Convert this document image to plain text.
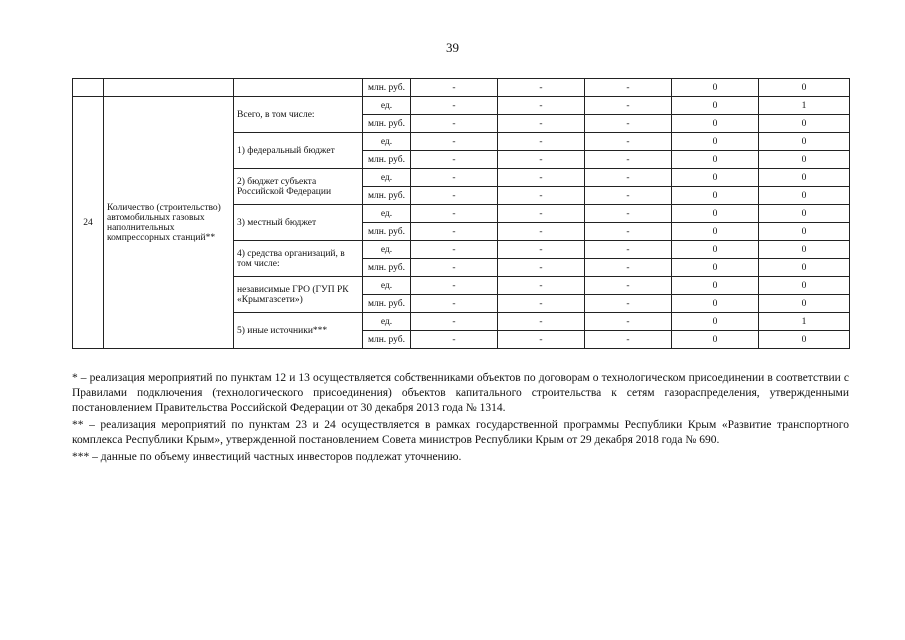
39
			млн. руб.	-	-	-	0	0
24	Количество (строительство) автомобильных газовых наполнительных компрессорных станций**	Всего, в том числе:	ед.	-	-	-	0	1
			млн. руб.	-	-	-	0	0
		1) федеральный бюджет	ед.	-	-	-	0	0
			млн. руб.	-	-	-	0	0
		2) бюджет субъекта Российской Федерации	ед.	-	-	-	0	0
			млн. руб.	-	-	-	0	0
		3) местный бюджет	ед.	-	-	-	0	0
			млн. руб.	-	-	-	0	0
		4) средства организаций, в том числе:	ед.	-	-	-	0	0
			млн. руб.	-	-	-	0	0
		независимые ГРО (ГУП РК «Крымгазсети»)	ед.	-	-	-	0	0
			млн. руб.	-	-	-	0	0
		5) иные источники***	ед.	-	-	-	0	1
			млн. руб.	-	-	-	0	0

* – реализация мероприятий по пунктам 12 и 13 осуществляется собственниками объектов по договорам о технологическом присоединении в соответствии с Правилами подключения (технологического присоединения) объектов капитального строительства к сетям газораспределения, утвержденными постановлением Правительства Российской Федерации от 30 декабря 2013 года № 1314.

** – реализация мероприятий по пунктам 23 и 24 осуществляется в рамках государственной программы Республики Крым «Развитие транспортного комплекса Республики Крым», утвержденной постановлением Совета министров Республики Крым от 29 декабря 2018 года № 690.

*** – данные по объему инвестиций частных инвесторов подлежат уточнению.
